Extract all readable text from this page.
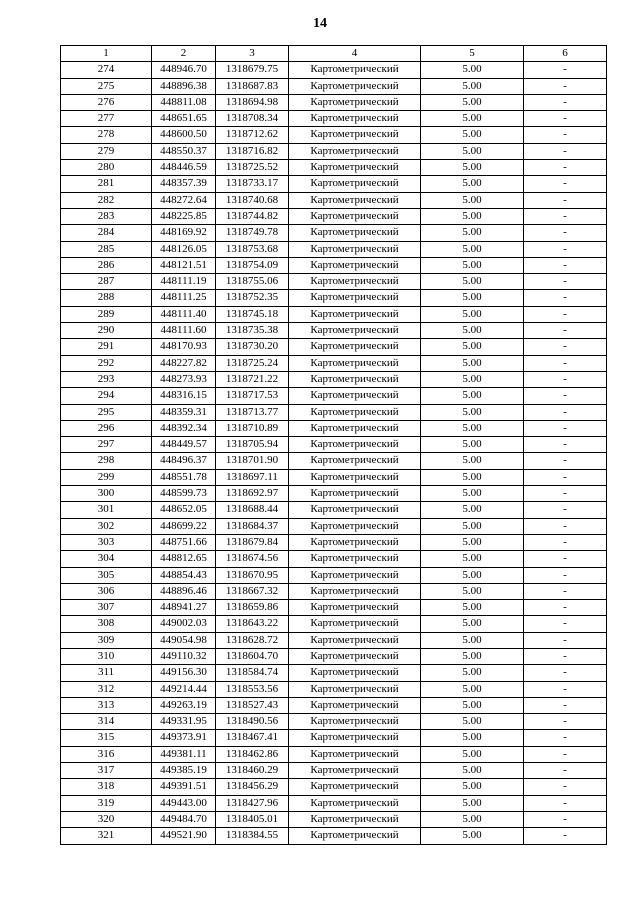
14
1	2	3	4	5	6
274	448946.70	1318679.75	Картометрический	5.00	-
275	448896.38	1318687.83	Картометрический	5.00	-
276	448811.08	1318694.98	Картометрический	5.00	-
277	448651.65	1318708.34	Картометрический	5.00	-
278	448600.50	1318712.62	Картометрический	5.00	-
279	448550.37	1318716.82	Картометрический	5.00	-
280	448446.59	1318725.52	Картометрический	5.00	-
281	448357.39	1318733.17	Картометрический	5.00	-
282	448272.64	1318740.68	Картометрический	5.00	-
283	448225.85	1318744.82	Картометрический	5.00	-
284	448169.92	1318749.78	Картометрический	5.00	-
285	448126.05	1318753.68	Картометрический	5.00	-
286	448121.51	1318754.09	Картометрический	5.00	-
287	448111.19	1318755.06	Картометрический	5.00	-
288	448111.25	1318752.35	Картометрический	5.00	-
289	448111.40	1318745.18	Картометрический	5.00	-
290	448111.60	1318735.38	Картометрический	5.00	-
291	448170.93	1318730.20	Картометрический	5.00	-
292	448227.82	1318725.24	Картометрический	5.00	-
293	448273.93	1318721.22	Картометрический	5.00	-
294	448316.15	1318717.53	Картометрический	5.00	-
295	448359.31	1318713.77	Картометрический	5.00	-
296	448392.34	1318710.89	Картометрический	5.00	-
297	448449.57	1318705.94	Картометрический	5.00	-
298	448496.37	1318701.90	Картометрический	5.00	-
299	448551.78	1318697.11	Картометрический	5.00	-
300	448599.73	1318692.97	Картометрический	5.00	-
301	448652.05	1318688.44	Картометрический	5.00	-
302	448699.22	1318684.37	Картометрический	5.00	-
303	448751.66	1318679.84	Картометрический	5.00	-
304	448812.65	1318674.56	Картометрический	5.00	-
305	448854.43	1318670.95	Картометрический	5.00	-
306	448896.46	1318667.32	Картометрический	5.00	-
307	448941.27	1318659.86	Картометрический	5.00	-
308	449002.03	1318643.22	Картометрический	5.00	-
309	449054.98	1318628.72	Картометрический	5.00	-
310	449110.32	1318604.70	Картометрический	5.00	-
311	449156.30	1318584.74	Картометрический	5.00	-
312	449214.44	1318553.56	Картометрический	5.00	-
313	449263.19	1318527.43	Картометрический	5.00	-
314	449331.95	1318490.56	Картометрический	5.00	-
315	449373.91	1318467.41	Картометрический	5.00	-
316	449381.11	1318462.86	Картометрический	5.00	-
317	449385.19	1318460.29	Картометрический	5.00	-
318	449391.51	1318456.29	Картометрический	5.00	-
319	449443.00	1318427.96	Картометрический	5.00	-
320	449484.70	1318405.01	Картометрический	5.00	-
321	449521.90	1318384.55	Картометрический	5.00	-
